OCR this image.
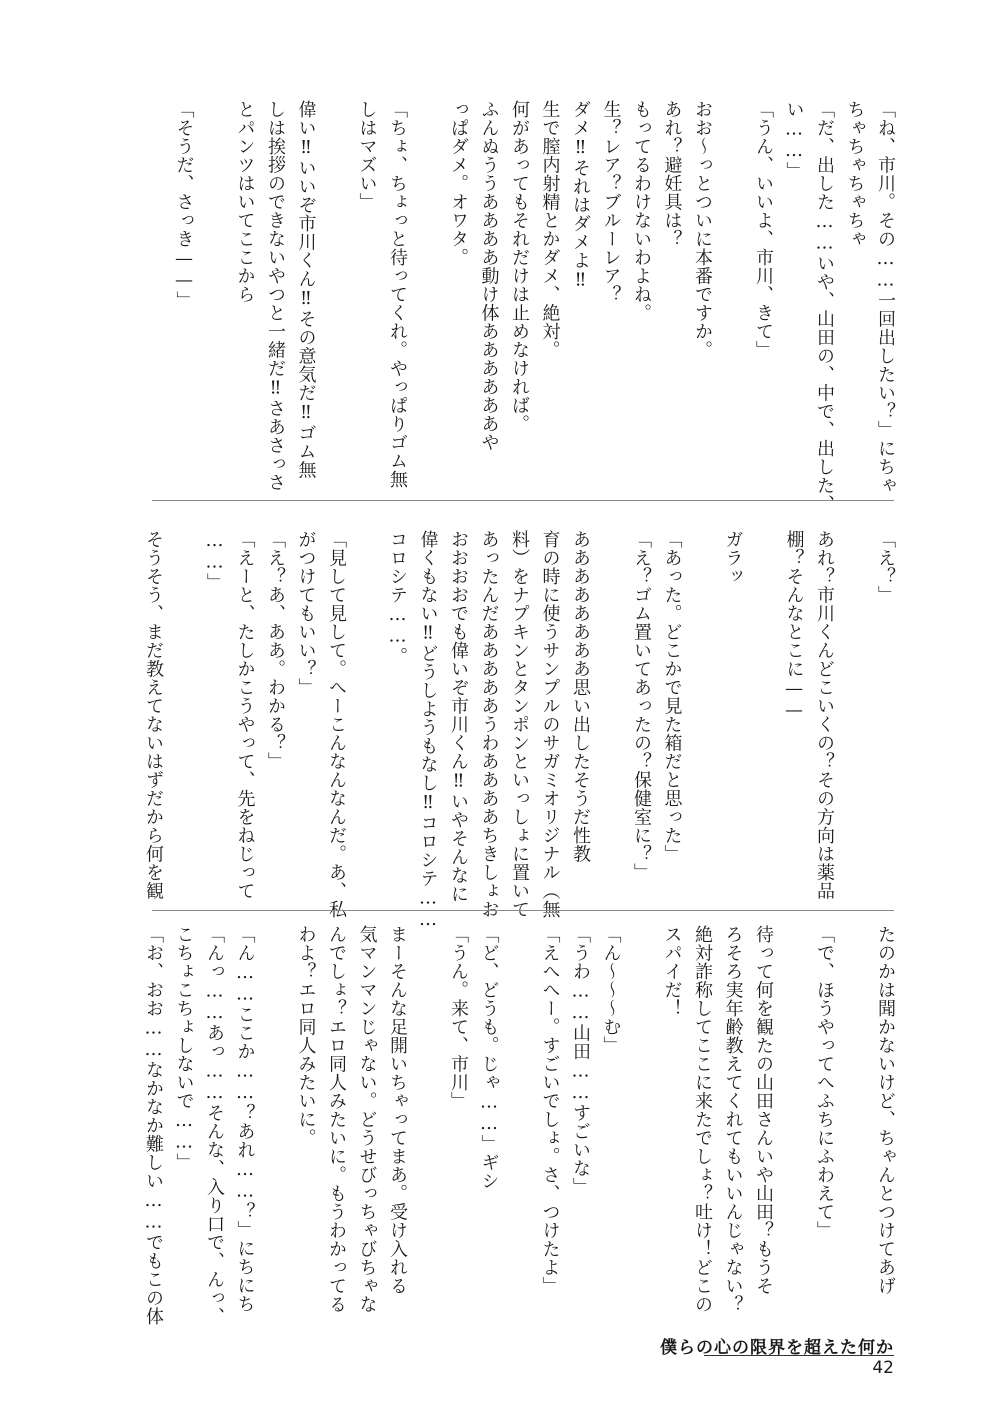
「ね、市川。その……一回出したい？」にちゃ

ちゃちゃちゃちゃ

「だ、出した……いや、山田の、中で、出した、

い……」

「うん、いいよ、市川、きて」

おお〜っとついに本番ですか。

あれ？避妊具は？

もってるわけないわよね。

生？レア？ブルーレア？

ダメ‼それはダメよ‼

生で膣内射精とかダメ、絶対。

何があってもそれだけは止めなければ。

ふんぬううああああ動け体ああああああや

っぱダメ。オワタ。

「ちょ、ちょっと待ってくれ。やっぱりゴム無

しはマズい」

偉い‼いいぞ市川くん‼その意気だ‼ゴム無

しは挨拶のできないやつと一緒だ‼さあさっさ

とパンツはいてここから

「そうだ、さっき——」

「え？」

あれ？市川くんどこいくの？その方向は薬品

棚？そんなとこに——

ガラッ

「あった。どこかで見た箱だと思った」

「え？ゴム置いてあったの？保健室に？」

ああああああああ思い出したそうだ性教

育の時に使うサンプルのサガミオリジナル（無

料）をナプキンとタンポンといっしょに置いて

あったんだあああああうわああああちきしょお

おおおおでも偉いぞ市川くん‼いやそんなに

偉くもない‼どうしようもなし‼コロシテ……

コロシテ……。

「見して見して。へーこんなんなんだ。あ、私

がつけてもいい？」

「え？あ、ああ。わかる？」

「えーと、たしかこうやって、先をねじって

……」

そうそう、まだ教えてないはずだから何を観

たのかは聞かないけど、ちゃんとつけてあげ

「で、ほうやってへふちにふわえて」

待って何を観たの山田さんいや山田？もうそ

ろそろ実年齢教えてくれてもいいんじゃない？

絶対詐称してここに来たでしょ？吐け！どこの

スパイだ！

「ん〜〜〜む」

「うわ……山田……すごいな」

「えへへー。すごいでしょ。さ、つけたよ」

「ど、どうも。じゃ……」ギシ

「うん。来て、市川」

まーそんな足開いちゃってまあ。受け入れる

気マンマンじゃない。どうせびっちゃびちゃな

んでしょ？エロ同人みたいに。もうわかってる

わよ？エロ同人みたいに。

「ん……ここか……？あれ……？」にちにち

「んっ……あっ……そんな、入り口で、んっ、

こちょこちょしないで……」

「お、おお……なかなか難しい……でもこの体

僕らの心の限界を超えた何か
42
